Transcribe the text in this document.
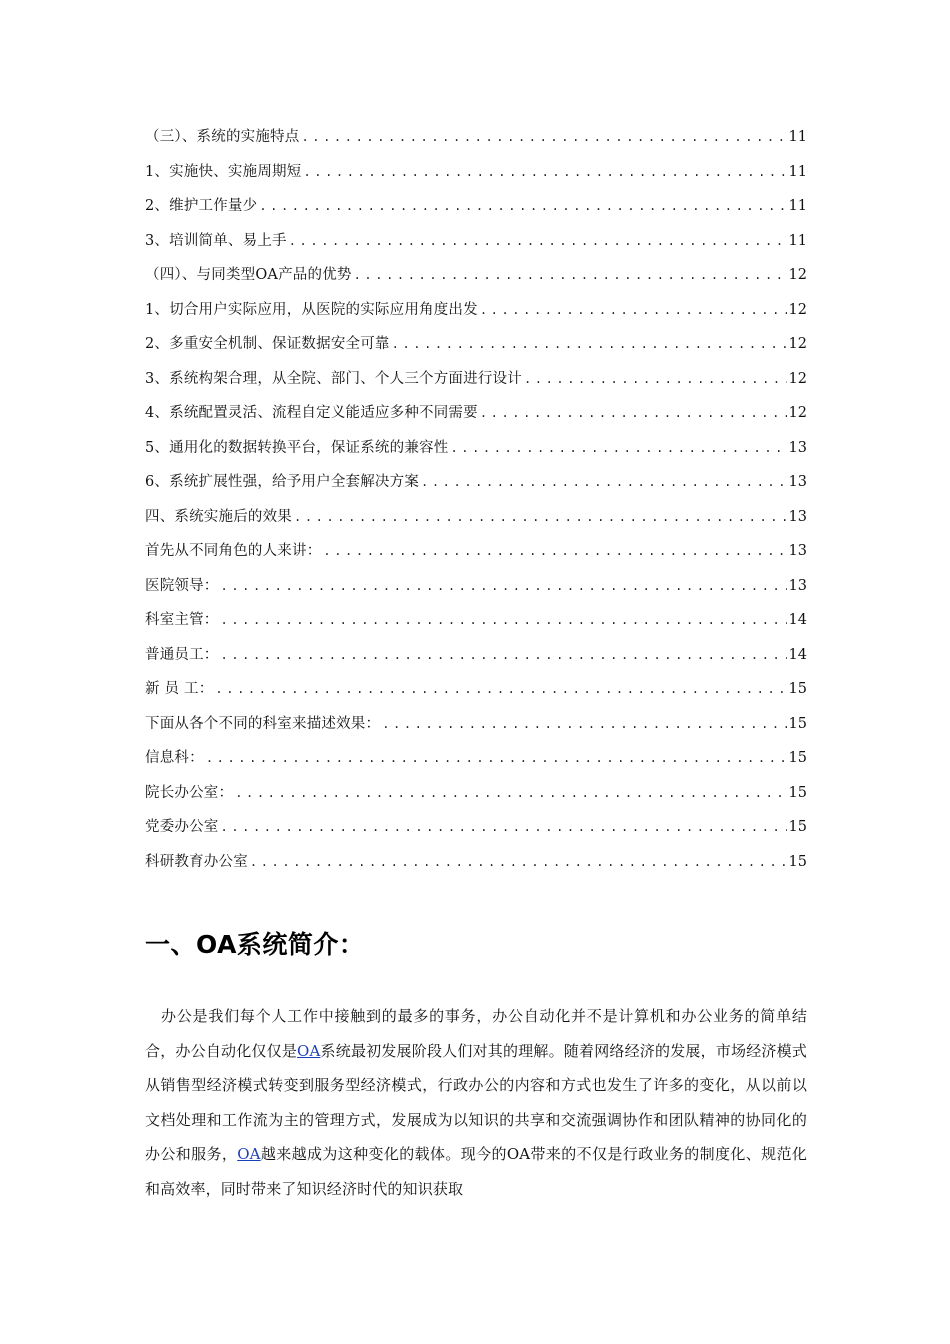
（三）、系统的实施特点 .....	11
1、实施快、实施周期短 .....	11
2、维护工作量少 .....	11
3、培训简单、易上手 .....	11
（四）、与同类型OA产品的优势 .....	12
1、切合用户实际应用，从医院的实际应用角度出发 .....	12
2、多重安全机制、保证数据安全可靠 .....	12
3、系统构架合理，从全院、部门、个人三个方面进行设计 .....	12
4、系统配置灵活、流程自定义能适应多种不同需要 .....	12
5、通用化的数据转换平台，保证系统的兼容性 .....	13
6、系统扩展性强，给予用户全套解决方案 .....	13
四、系统实施后的效果 .....	13
首先从不同角色的人来讲： .....	13
医院领导： .....	13
科室主管： .....	14
普通员工： .....	14
新 员 工： .....	15
下面从各个不同的科室来描述效果： .....	15
信息科： .....	15
院长办公室： .....	15
党委办公室 .....	15
科研教育办公室 .....	15
一、OA系统简介：

办公是我们每个人工作中接触到的最多的事务，办公自动化并不是计算机和办公业务的简单结合，办公自动化仅仅是OA系统最初发展阶段人们对其的理解。随着网络经济的发展，市场经济模式从销售型经济模式转变到服务型经济模式，行政办公的内容和方式也发生了许多的变化，从以前以文档处理和工作流为主的管理方式，发展成为以知识的共享和交流强调协作和团队精神的协同化的办公和服务，OA越来越成为这种变化的载体。现今的OA带来的不仅是行政业务的制度化、规范化和高效率，同时带来了知识经济时代的知识获取
